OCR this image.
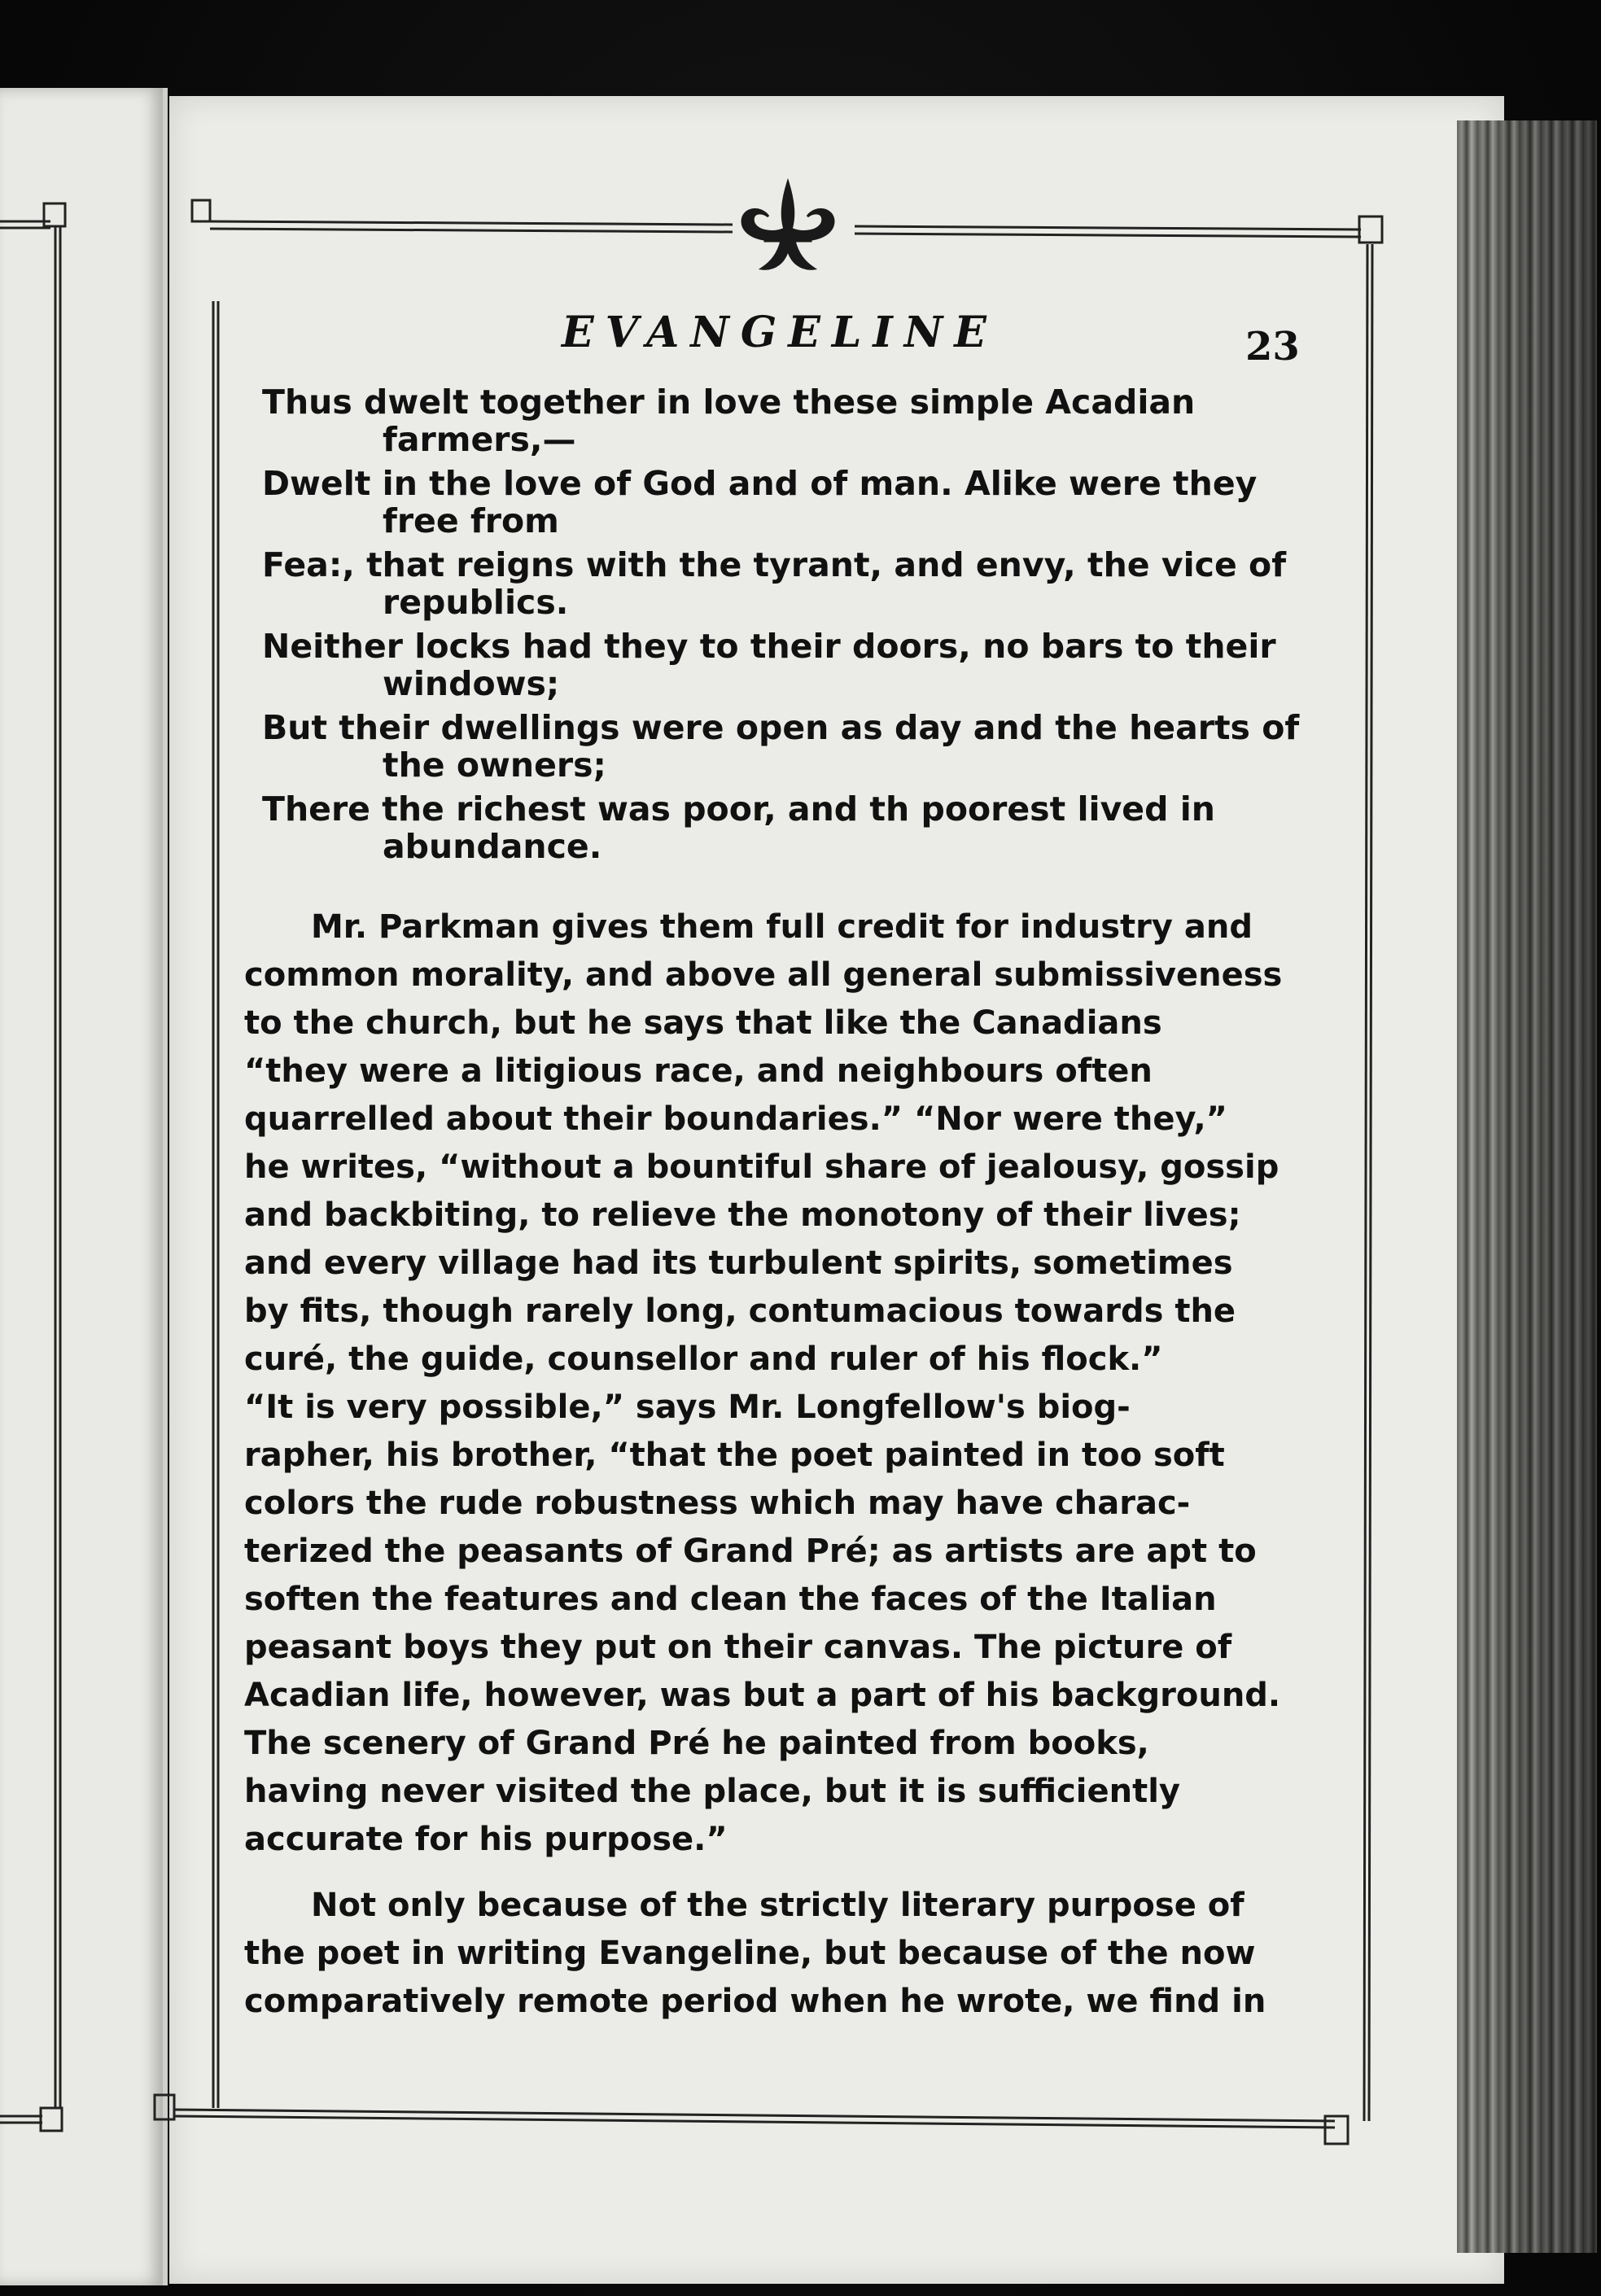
EVANGELINE	23

Thus dwelt together in love these simple Acadian
farmers,—

Dwelt in the love of God and of man. Alike were they
free from

Fea:, that reigns with the tyrant, and envy, the vice of
republics.

Neither locks had they to their doors, no bars to their
windows;

But their dwellings were open as day and the hearts of
the owners;

There the richest was poor, and th poorest lived in
abundance.

Mr. Parkman gives them full credit for industry and
common morality, and above all general submissiveness
to the church, but he says that like the Canadians
“they were a litigious race, and neighbours often
quarrelled about their boundaries.” “Nor were they,”
he writes, “without a bountiful share of jealousy, gossip
and backbiting, to relieve the monotony of their lives;
and every village had its turbulent spirits, sometimes
by fits, though rarely long, contumacious towards the
curé, the guide, counsellor and ruler of his flock.”
“It is very possible,” says Mr. Longfellow's biog-
rapher, his brother, “that the poet painted in too soft
colors the rude robustness which may have charac-
terized the peasants of Grand Pré; as artists are apt to
soften the features and clean the faces of the Italian
peasant boys they put on their canvas. The picture of
Acadian life, however, was but a part of his background.
The scenery of Grand Pré he painted from books,
having never visited the place, but it is sufficiently
accurate for his purpose.”
Not only because of the strictly literary purpose of
the poet in writing Evangeline, but because of the now
comparatively remote period when he wrote, we find in
